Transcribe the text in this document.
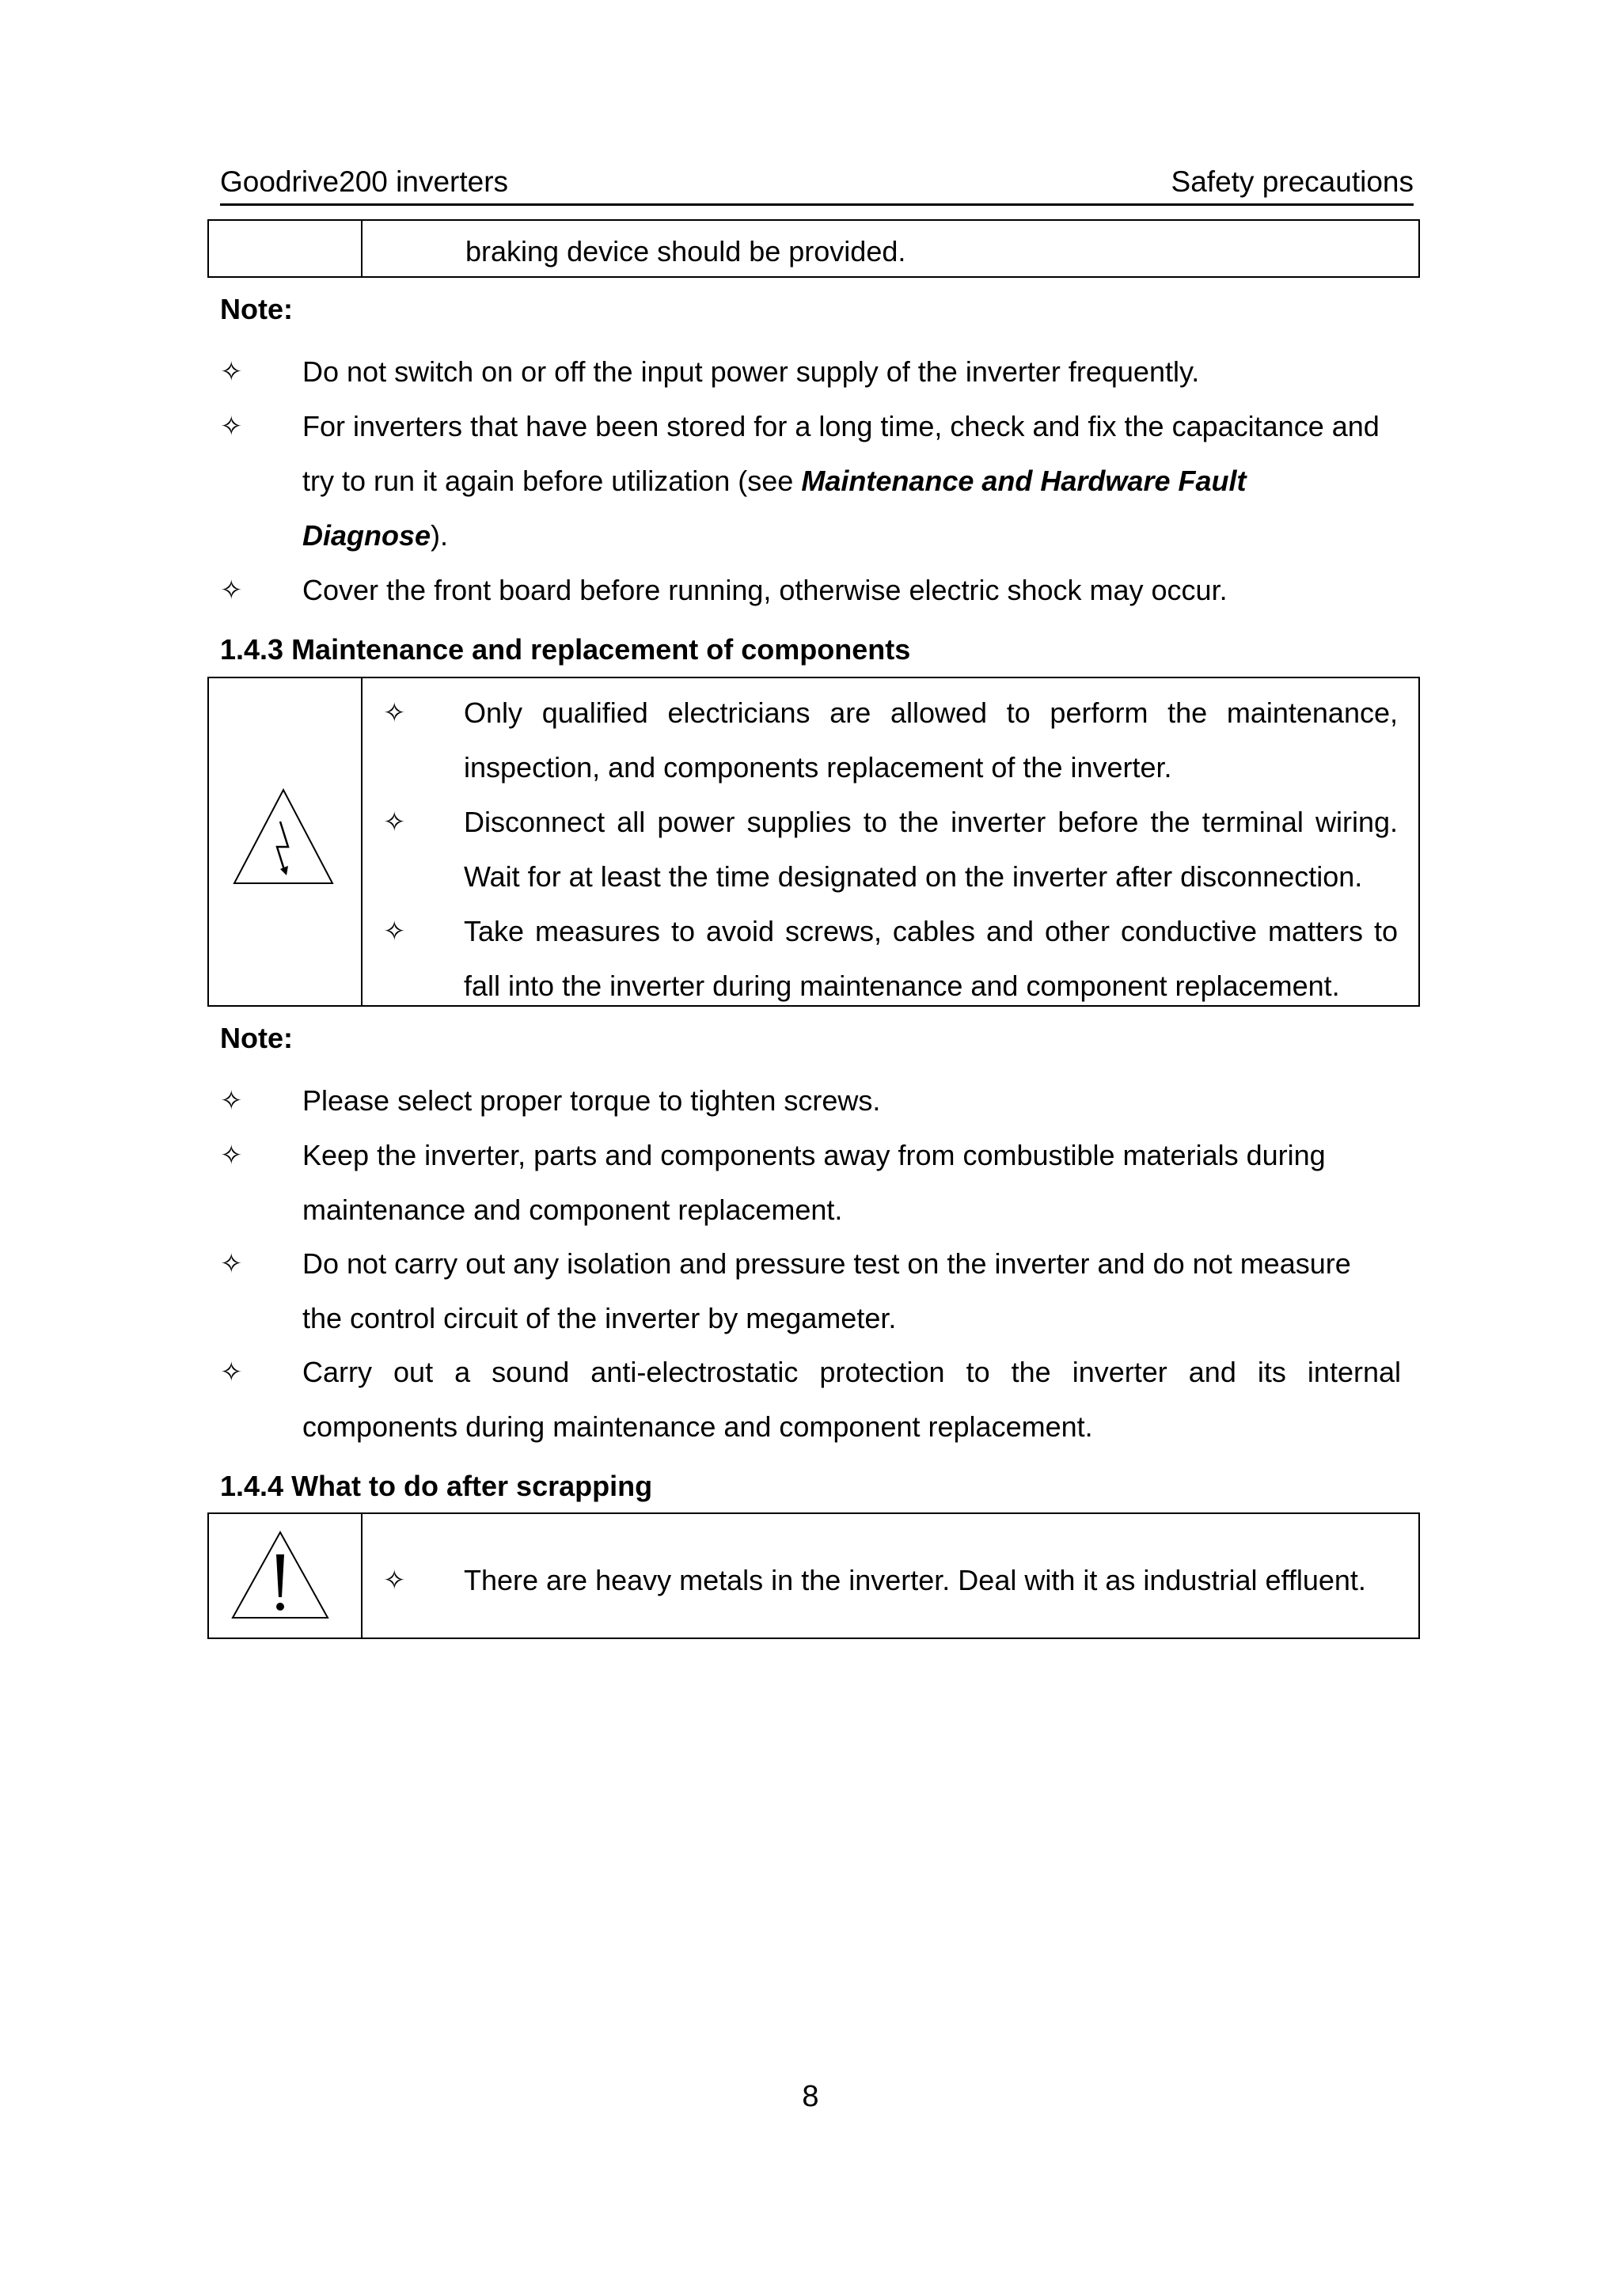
Goodrive200 inverters	Safety precautions
braking device should be provided.
Note:
✧ Do not switch on or off the input power supply of the inverter frequently.
✧ For inverters that have been stored for a long time, check and fix the capacitance and
try to run it again before utilization (see Maintenance and Hardware Fault
Diagnose).
✧ Cover the front board before running, otherwise electric shock may occur.
1.4.3 Maintenance and replacement of components
✧ Only qualified electricians are allowed to perform the maintenance,
inspection, and components replacement of the inverter.
✧ Disconnect all power supplies to the inverter before the terminal wiring.
Wait for at least the time designated on the inverter after disconnection.
✧ Take measures to avoid screws, cables and other conductive matters to
fall into the inverter during maintenance and component replacement.
Note:
✧ Please select proper torque to tighten screws.
✧ Keep the inverter, parts and components away from combustible materials during
maintenance and component replacement.
✧ Do not carry out any isolation and pressure test on the inverter and do not measure
the control circuit of the inverter by megameter.
✧ Carry out a sound anti-electrostatic protection to the inverter and its internal
components during maintenance and component replacement.
1.4.4 What to do after scrapping
✧ There are heavy metals in the inverter. Deal with it as industrial effluent.
8
